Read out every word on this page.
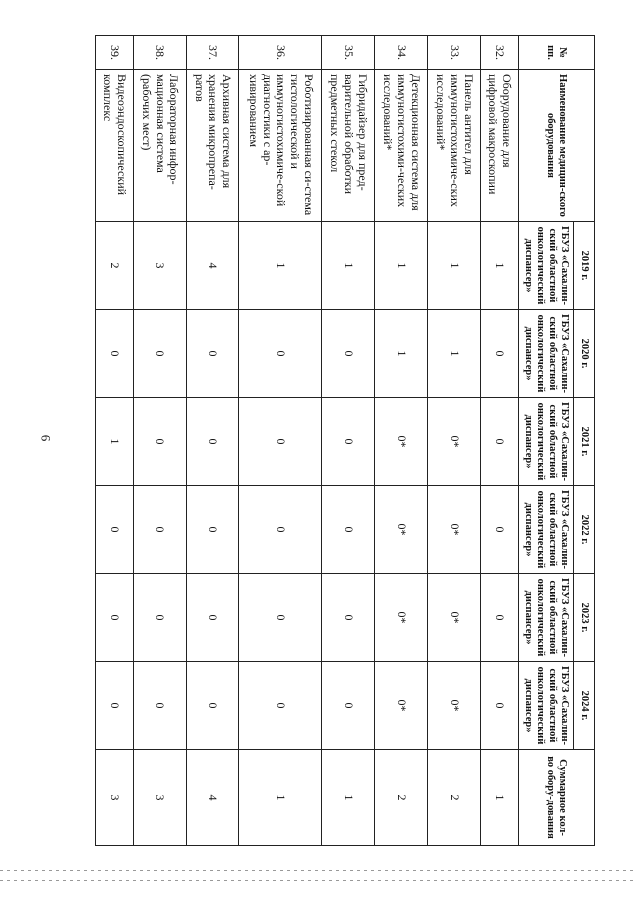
6
№ пп.	Наименование медицин-ского оборудования	2019 г.	2020 г.	2021 г.	2022 г.	2023 г.	2024 г.	Суммарное кол-во обору-дования
		ГБУЗ «Сахалин-ский областной онкологический диспансер»	ГБУЗ «Сахалин-ский областной онкологический диспансер»	ГБУЗ «Сахалин-ский областной онкологический диспансер»	ГБУЗ «Сахалин-ский областной онкологический диспансер»	ГБУЗ «Сахалин-ский областной онкологический диспансер»	ГБУЗ «Сахалин-ский областной онкологический диспансер»	
32.	Оборудование для цифровой макроскопии	1	0	0	0	0	0	1
33.	Панель антител для иммуногистохимиче-ских исследований*	1	1	0*	0*	0*	0*	2
34.	Детекционная система для иммуногистохими-ческих исследований*	1	1	0*	0*	0*	0*	2
35.	Гибридайзер для пред-варительной обработки предметных стекол	1	0	0	0	0	0	1
36.	Роботизированная си-стема гистологической и иммуногистохимиче-ской диагностики с ар-хивированием	1	0	0	0	0	0	1
37.	Архивная система для хранения микропрепа-ратов	4	0	0	0	0	0	4
38.	Лабораторная инфор-мационная система (рабочих мест)	3	0	0	0	0	0	3
39.	Видеоэндоскопический комплекс	2	0	1	0	0	0	3
